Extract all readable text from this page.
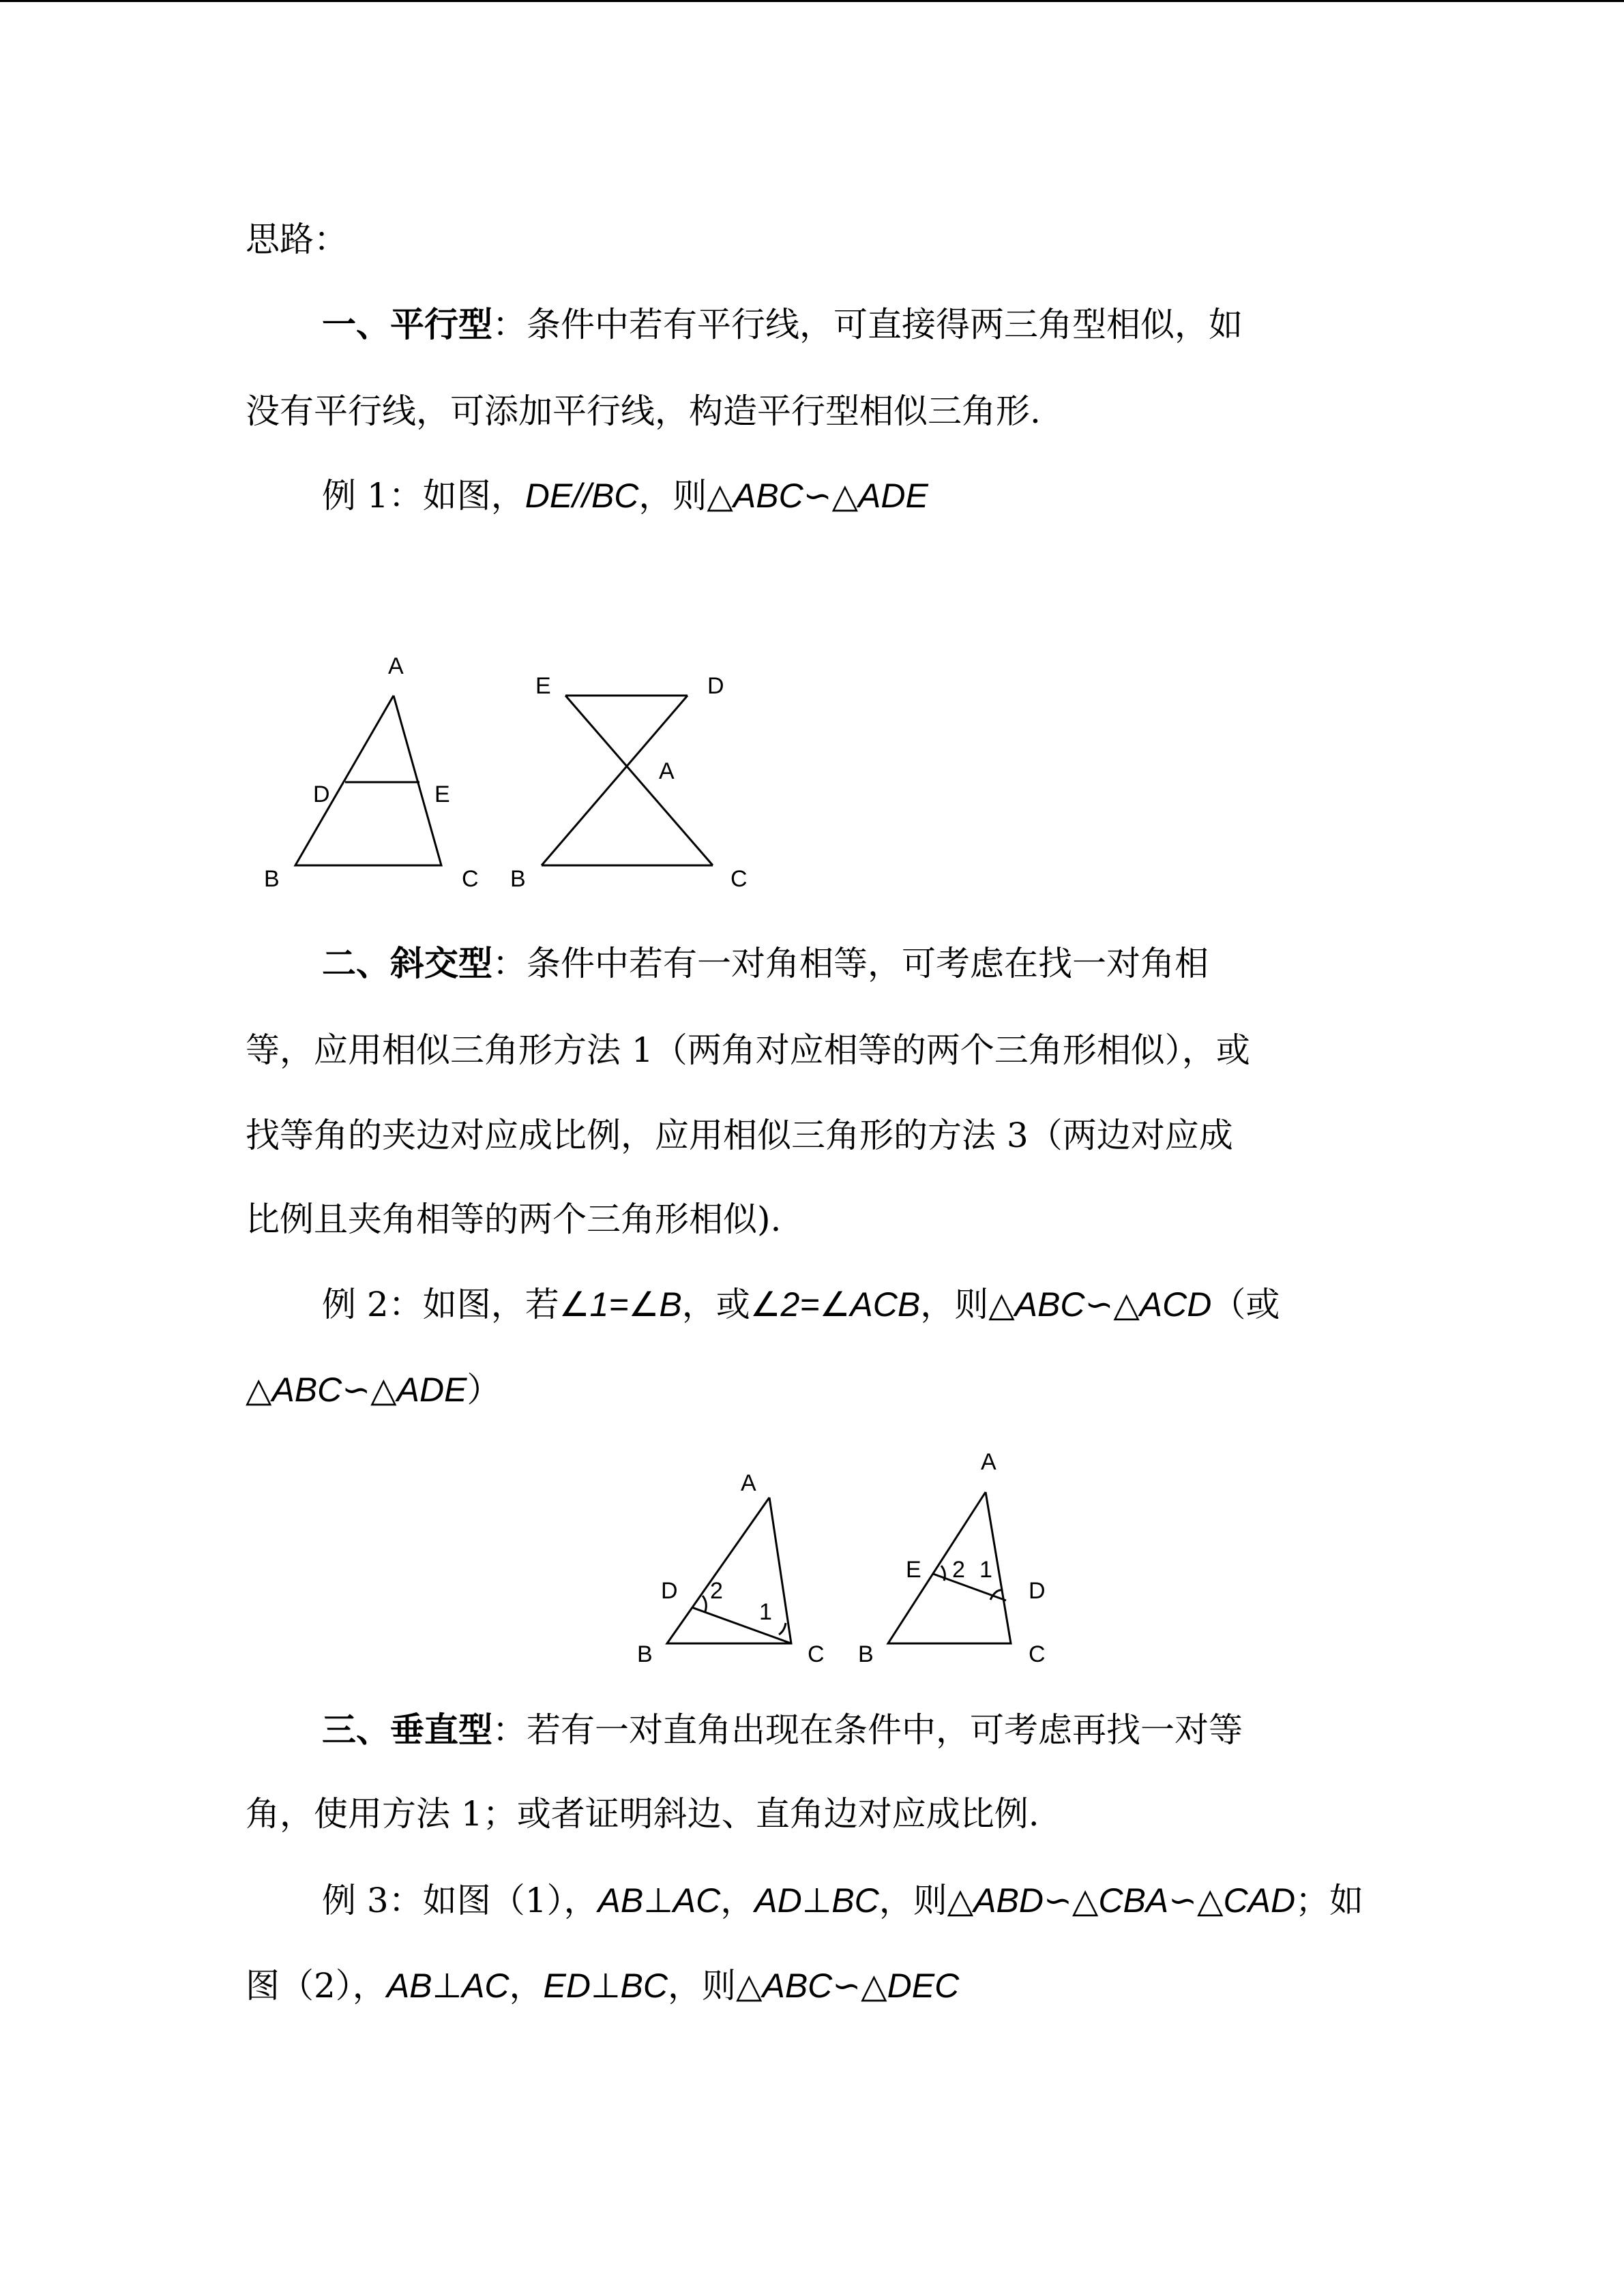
思路：
一、平行型：条件中若有平行线，可直接得两三角型相似，如
没有平行线，可添加平行线，构造平行型相似三角形.
例 1：如图，DE//BC，则△ABC∽△ADE
A
D	E
B	C
E	D
A
B	C
二、斜交型：条件中若有一对角相等，可考虑在找一对角相
等，应用相似三角形方法 1（两角对应相等的两个三角形相似），或
找等角的夹边对应成比例，应用相似三角形的方法 3（两边对应成
比例且夹角相等的两个三角形相似).
例 2：如图，若∠1=∠B，或∠2=∠ACB，则△ABC∽△ACD（或
△ABC∽△ADE）
A
D 2
1
B	C
A
E 2 1
D
B	C
三、垂直型：若有一对直角出现在条件中，可考虑再找一对等
角，使用方法 1；或者证明斜边、直角边对应成比例.
例 3：如图（1），AB⊥AC，AD⊥BC，则△ABD∽△CBA∽△CAD；如
图（2），AB⊥AC，ED⊥BC，则△ABC∽△DEC
